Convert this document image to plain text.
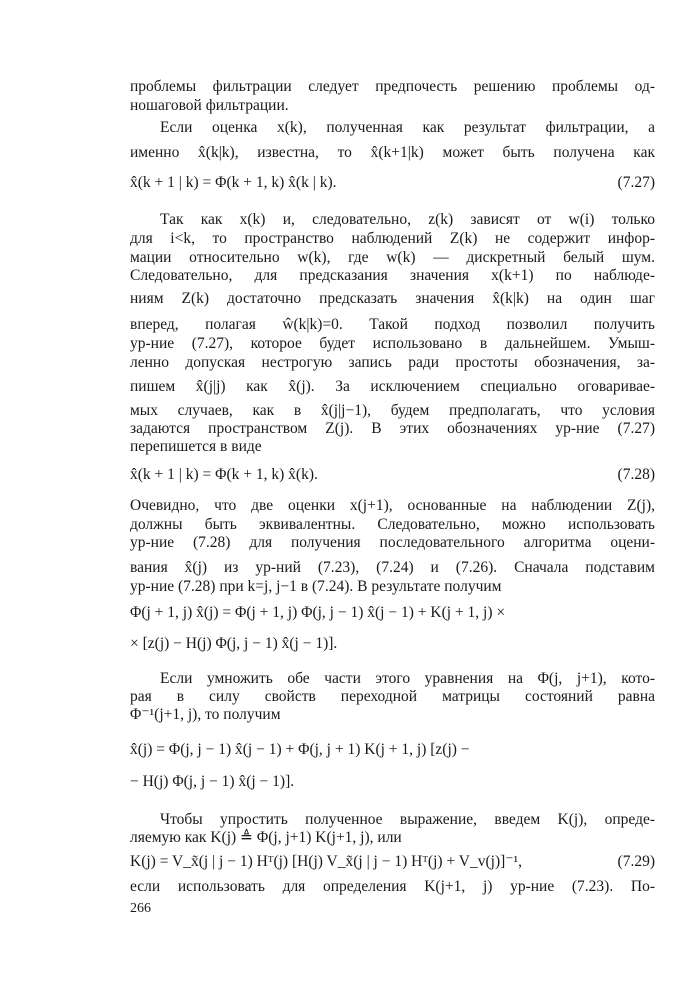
проблемы фильтрации следует предпочесть решению проблемы од-
ношаговой фильтрации.
Если оценка x(k), полученная как результат фильтрации, а
именно x̂(k|k), известна, то x̂(k+1|k) может быть получена как
x̂(k + 1 | k) = Φ(k + 1, k) x̂(k | k).	(7.27)
Так как x(k) и, следовательно, z(k) зависят от w(i) только
для i<k, то пространство наблюдений Z(k) не содержит инфор-
мации относительно w(k), где w(k) — дискретный белый шум.
Следовательно, для предсказания значения x(k+1) по наблюде-
ниям Z(k) достаточно предсказать значения x̂(k|k) на один шаг
вперед, полагая ŵ(k|k)=0. Такой подход позволил получить
ур-ние (7.27), которое будет использовано в дальнейшем. Умыш-
ленно допуская нестрогую запись ради простоты обозначения, за-
пишем x̂(j|j) как x̂(j). За исключением специально оговаривае-
мых случаев, как в x̂(j|j−1), будем предполагать, что условия
задаются пространством Z(j). В этих обозначениях ур-ние (7.27)
перепишется в виде
x̂(k + 1 | k) = Φ(k + 1, k) x̂(k).	(7.28)
Очевидно, что две оценки x(j+1), основанные на наблюдении Z(j),
должны быть эквивалентны. Следовательно, можно использовать
ур-ние (7.28) для получения последовательного алгоритма оцени-
вания x̂(j) из ур-ний (7.23), (7.24) и (7.26). Сначала подставим
ур-ние (7.28) при k=j, j−1 в (7.24). В результате получим
Φ(j + 1, j) x̂(j) = Φ(j + 1, j) Φ(j, j − 1) x̂(j − 1) + K(j + 1, j) ×
× [z(j) − H(j) Φ(j, j − 1) x̂(j − 1)].
Если умножить обе части этого уравнения на Φ(j, j+1), кото-
рая в силу свойств переходной матрицы состояний равна
Φ⁻¹(j+1, j), то получим
x̂(j) = Φ(j, j − 1) x̂(j − 1) + Φ(j, j + 1) K(j + 1, j) [z(j) −
− H(j) Φ(j, j − 1) x̂(j − 1)].
Чтобы упростить полученное выражение, введем K(j), опреде-
ляемую как K(j) ≜ Φ(j, j+1) K(j+1, j), или
K(j) = V_x̃(j | j − 1) Hᵀ(j) [H(j) V_x̃(j | j − 1) Hᵀ(j) + V_v(j)]⁻¹,	(7.29)
если использовать для определения K(j+1, j) ур-ние (7.23). По-
266
